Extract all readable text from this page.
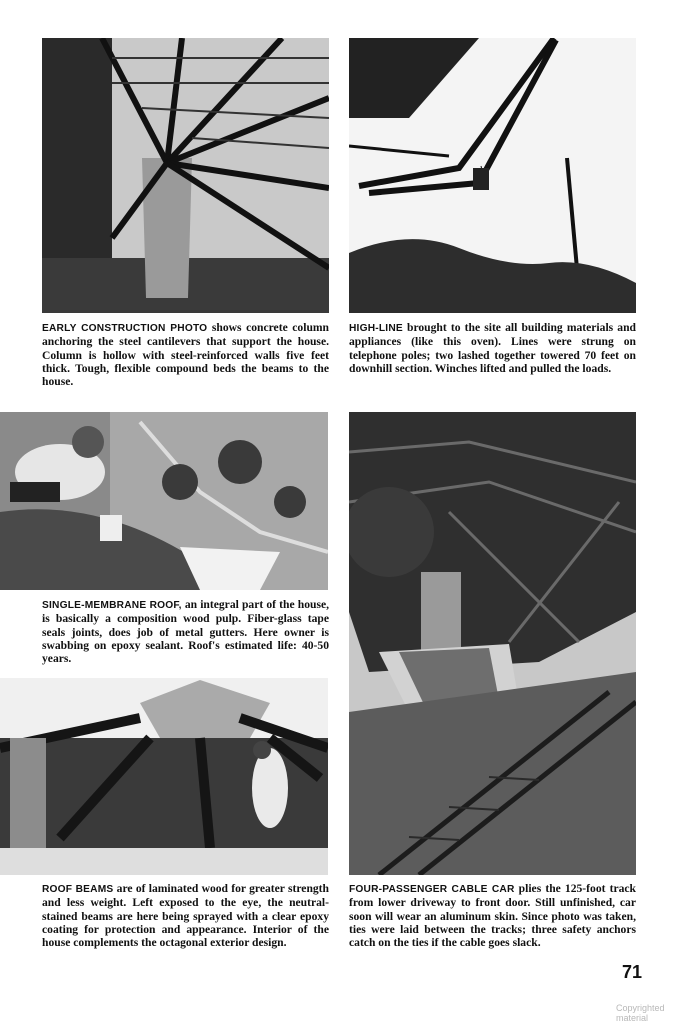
EARLY CONSTRUCTION PHOTO shows concrete column anchoring the steel cantilevers that support the house. Column is hollow with steel-reinforced walls five feet thick. Tough, flexible compound beds the beams to the house.
HIGH-LINE brought to the site all building materials and appliances (like this oven). Lines were strung on telephone poles; two lashed together towered 70 feet on downhill section. Winches lifted and pulled the loads.
SINGLE-MEMBRANE ROOF, an integral part of the house, is basically a composition wood pulp. Fiber-glass tape seals joints, does job of metal gutters. Here owner is swabbing on epoxy sealant. Roof's estimated life: 40-50 years.
ROOF BEAMS are of laminated wood for greater strength and less weight. Left exposed to the eye, the neutral-stained beams are here being sprayed with a clear epoxy coating for protection and appearance. Interior of the house complements the octagonal exterior design.
FOUR-PASSENGER CABLE CAR plies the 125-foot track from lower driveway to front door. Still unfinished, car soon will wear an aluminum skin. Since photo was taken, ties were laid between the tracks; three safety anchors catch on the ties if the cable goes slack.
71
Copyrighted material
